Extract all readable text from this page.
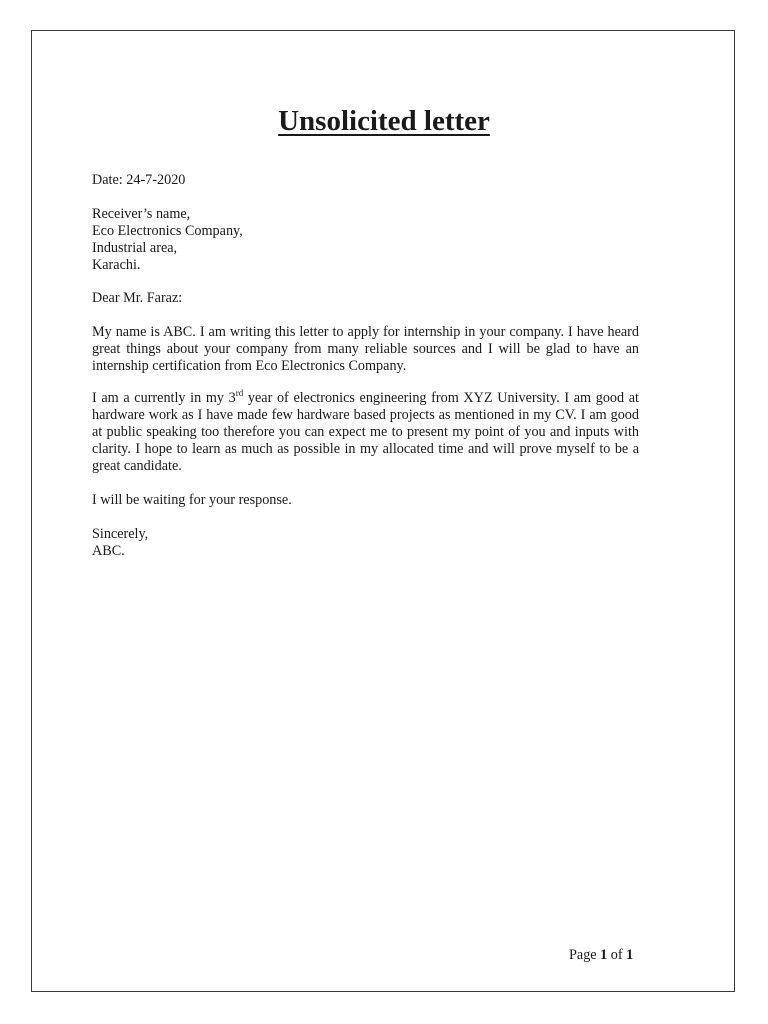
Unsolicited letter
Date: 24-7-2020
Receiver’s name,
Eco Electronics Company,
Industrial area,
Karachi.
Dear Mr. Faraz:
My name is ABC. I am writing this letter to apply for internship in your company. I have heard great things about your company from many reliable sources and I will be glad to have an internship certification from Eco Electronics Company.
I am a currently in my 3rd year of electronics engineering from XYZ University. I am good at hardware work as I have made few hardware based projects as mentioned in my CV. I am good at public speaking too therefore you can expect me to present my point of you and inputs with clarity. I hope to learn as much as possible in my allocated time and will prove myself to be a great candidate.
I will be waiting for your response.
Sincerely,
ABC.
Page 1 of 1
